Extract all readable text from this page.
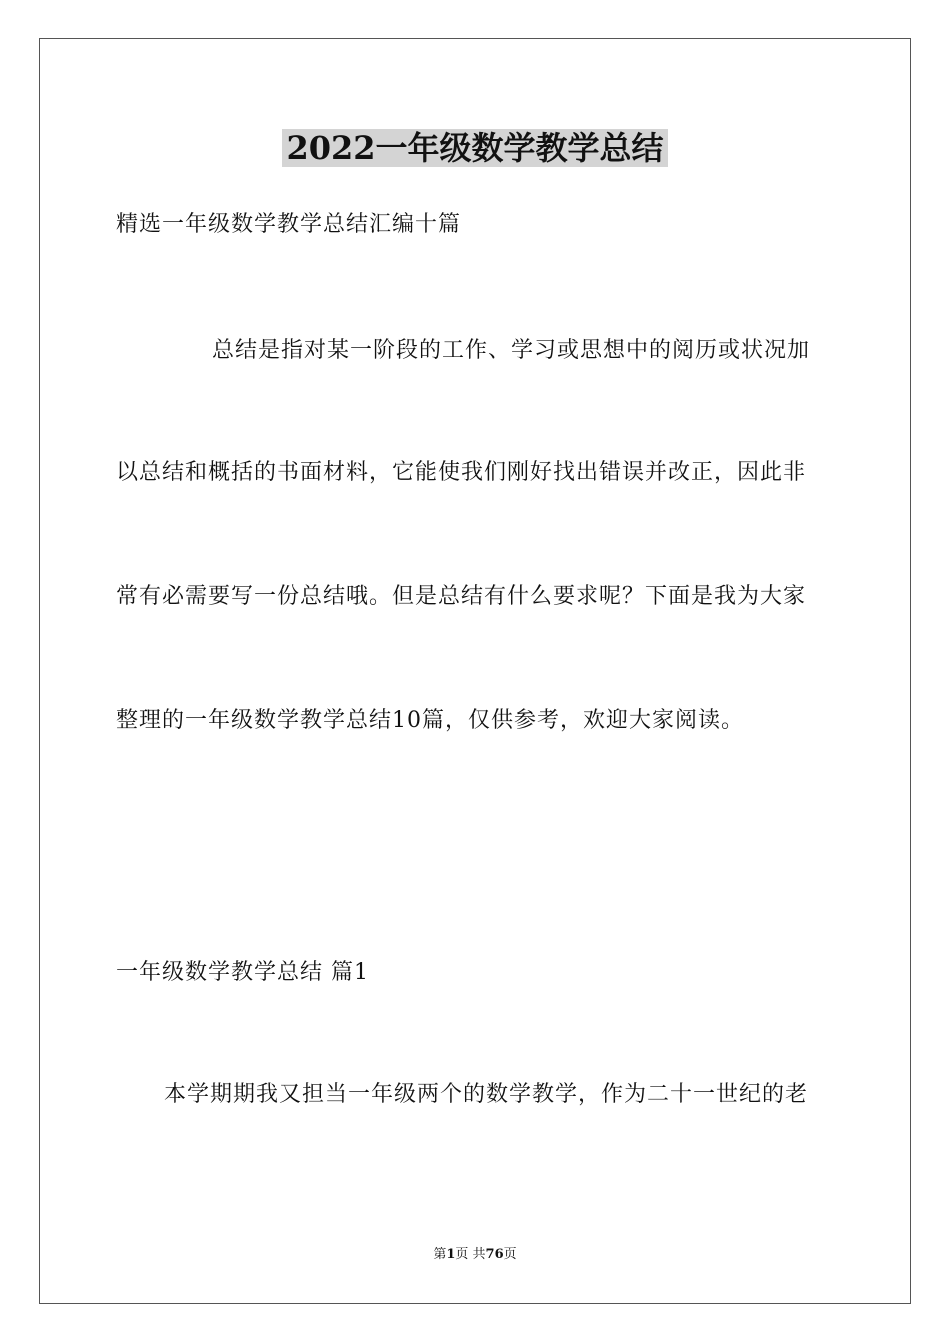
2022一年级数学教学总结
精选一年级数学教学总结汇编十篇
总结是指对某一阶段的工作、学习或思想中的阅历或状况加
以总结和概括的书面材料，它能使我们刚好找出错误并改正，因此非
常有必需要写一份总结哦。但是总结有什么要求呢？下面是我为大家
整理的一年级数学教学总结10篇，仅供参考，欢迎大家阅读。
一年级数学教学总结 篇1
本学期期我又担当一年级两个的数学教学，作为二十一世纪的老
第1页 共76页
